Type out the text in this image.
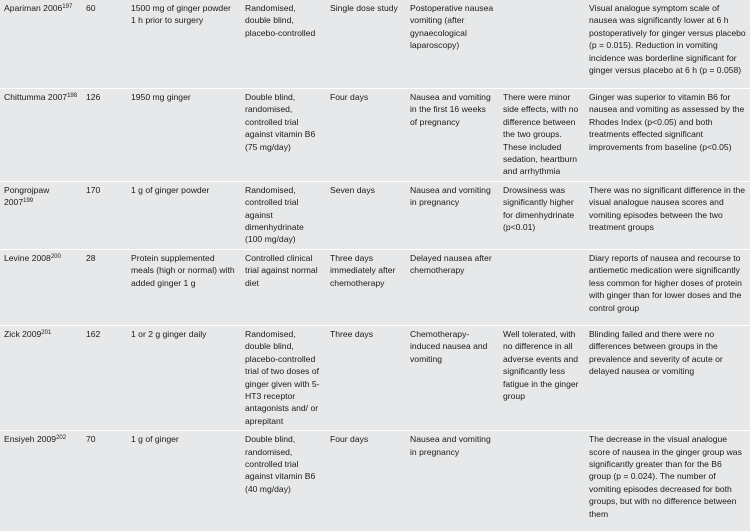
Apariman 2006$^{197}$	60	1500 mg of ginger powder 1 h prior to surgery	Randomised, double blind, placebo-controlled	Single dose study	Postoperative nausea vomiting (after gynaecological laparoscopy)		Visual analogue symptom scale of nausea was significantly lower at 6 h postoperatively for ginger versus placebo (p = 0.015). Reduction in vomiting incidence was borderline significant for ginger versus placebo at 6 h (p = 0.058)
Chittumma 2007$^{198}$	126	1950 mg ginger	Double blind, randomised, controlled trial against vitamin B6 (75 mg/day)	Four days	Nausea and vomiting in the first 16 weeks of pregnancy	There were minor side effects, with no difference between the two groups. These included sedation, heartburn and arrhythmia	Ginger was superior to vitamin B6 for nausea and vomiting as assessed by the Rhodes Index (p<0.05) and both treatments effected significant improvements from baseline (p<0.05)
Pongrojpaw 2007$^{199}$	170	1 g of ginger powder	Randomised, controlled trial against dimenhydrinate (100 mg/day)	Seven days	Nausea and vomiting in pregnancy	Drowsiness was significantly higher for dimenhydrinate (p<0.01)	There was no significant difference in the visual analogue nausea scores and vomiting episodes between the two treatment groups
Levine 2008$^{200}$	28	Protein supplemented meals (high or normal) with added ginger 1 g	Controlled clinical trial against normal diet	Three days immediately after chemotherapy	Delayed nausea after chemotherapy		Diary reports of nausea and recourse to antiemetic medication were significantly less common for higher doses of protein with ginger than for lower doses and the control group
Zick 2009$^{201}$	162	1 or 2 g ginger daily	Randomised, double blind, placebo-controlled trial of two doses of ginger given with 5-HT3 receptor antagonists and/ or aprepitant	Three days	Chemotherapy-induced nausea and vomiting	Well tolerated, with no difference in all adverse events and significantly less fatigue in the ginger group	Blinding failed and there were no differences between groups in the prevalence and severity of acute or delayed nausea or vomiting
Ensiyeh 2009$^{202}$	70	1 g of ginger	Double blind, randomised, controlled trial against vitamin B6 (40 mg/day)	Four days	Nausea and vomiting in pregnancy		The decrease in the visual analogue score of nausea in the ginger group was significantly greater than for the B6 group (p = 0.024). The number of vomiting episodes decreased for both groups, but with no difference between them
